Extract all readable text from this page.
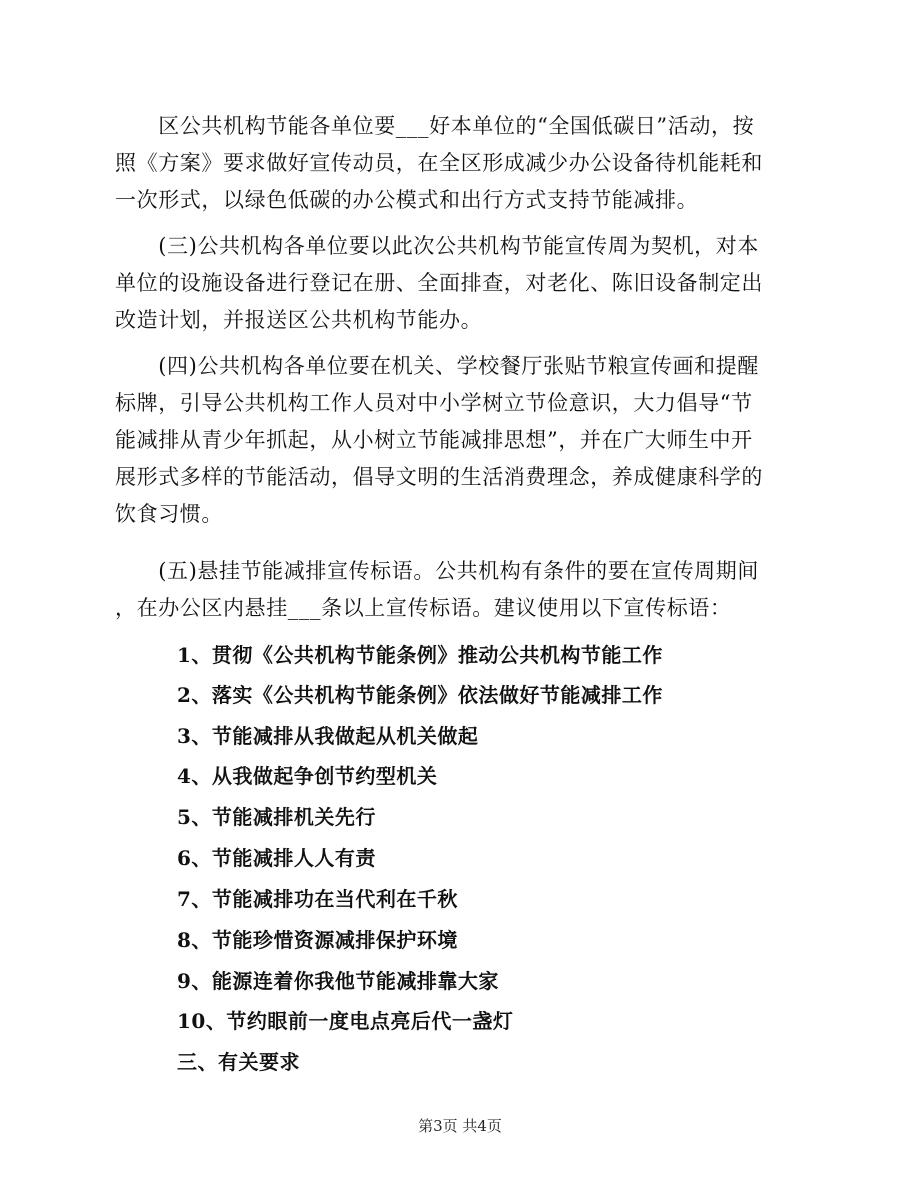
　　区公共机构节能各单位要___好本单位的“全国低碳日”活动，按
照《方案》要求做好宣传动员，在全区形成减少办公设备待机能耗和
一次形式，以绿色低碳的办公模式和出行方式支持节能减排。
　　(三)公共机构各单位要以此次公共机构节能宣传周为契机，对本
单位的设施设备进行登记在册、全面排查，对老化、陈旧设备制定出
改造计划，并报送区公共机构节能办。
　　(四)公共机构各单位要在机关、学校餐厅张贴节粮宣传画和提醒
标牌，引导公共机构工作人员对中小学树立节俭意识，大力倡导“节
能减排从青少年抓起，从小树立节能减排思想”，并在广大师生中开
展形式多样的节能活动，倡导文明的生活消费理念，养成健康科学的
饮食习惯。
　　(五)悬挂节能减排宣传标语。公共机构有条件的要在宣传周期间
，在办公区内悬挂___条以上宣传标语。建议使用以下宣传标语：
1、贯彻《公共机构节能条例》推动公共机构节能工作
2、落实《公共机构节能条例》依法做好节能减排工作
3、节能减排从我做起从机关做起
4、从我做起争创节约型机关
5、节能减排机关先行
6、节能减排人人有责
7、节能减排功在当代利在千秋
8、节能珍惜资源减排保护环境
9、能源连着你我他节能减排靠大家
10、节约眼前一度电点亮后代一盏灯
三、有关要求
第3页 共4页
